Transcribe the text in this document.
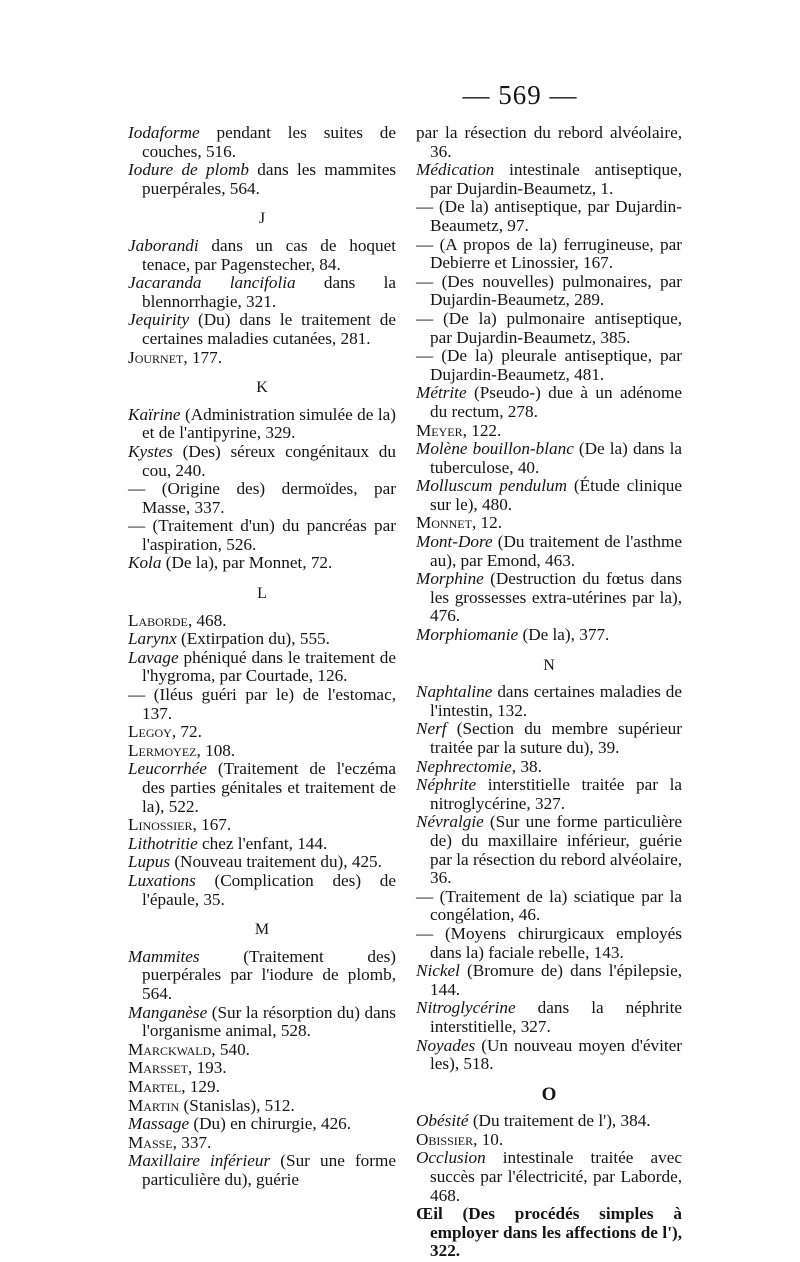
— 569 —

Iodaforme pendant les suites de couches, 516.

Iodure de plomb dans les mammites puerpérales, 564.

J

Jaborandi dans un cas de hoquet tenace, par Pagenstecher, 84.

Jacaranda lancifolia dans la blennorrhagie, 321.

Jequirity (Du) dans le traitement de certaines maladies cutanées, 281.

Journet, 177.

K

Kaïrine (Administration simulée de la) et de l'antipyrine, 329.

Kystes (Des) séreux congénitaux du cou, 240.

— (Origine des) dermoïdes, par Masse, 337.

— (Traitement d'un) du pancréas par l'aspiration, 526.

Kola (De la), par Monnet, 72.

L

Laborde, 468.

Larynx (Extirpation du), 555.

Lavage phéniqué dans le traitement de l'hygroma, par Courtade, 126.

— (Iléus guéri par le) de l'estomac, 137.

Legoy, 72.

Lermoyez, 108.

Leucorrhée (Traitement de l'eczéma des parties génitales et traitement de la), 522.

Linossier, 167.

Lithotritie chez l'enfant, 144.

Lupus (Nouveau traitement du), 425.

Luxations (Complication des) de l'épaule, 35.

M

Mammites (Traitement des) puerpérales par l'iodure de plomb, 564.

Manganèse (Sur la résorption du) dans l'organisme animal, 528.

Marckwald, 540.

Marsset, 193.

Martel, 129.

Martin (Stanislas), 512.

Massage (Du) en chirurgie, 426.

Masse, 337.

Maxillaire inférieur (Sur une forme particulière du), guérie

par la résection du rebord alvéolaire, 36.

Médication intestinale antiseptique, par Dujardin-Beaumetz, 1.

— (De la) antiseptique, par Dujardin-Beaumetz, 97.

— (A propos de la) ferrugineuse, par Debierre et Linossier, 167.

— (Des nouvelles) pulmonaires, par Dujardin-Beaumetz, 289.

— (De la) pulmonaire antiseptique, par Dujardin-Beaumetz, 385.

— (De la) pleurale antiseptique, par Dujardin-Beaumetz, 481.

Métrite (Pseudo-) due à un adénome du rectum, 278.

Meyer, 122.

Molène bouillon-blanc (De la) dans la tuberculose, 40.

Molluscum pendulum (Étude clinique sur le), 480.

Monnet, 12.

Mont-Dore (Du traitement de l'asthme au), par Emond, 463.

Morphine (Destruction du fœtus dans les grossesses extra-utérines par la), 476.

Morphiomanie (De la), 377.

N

Naphtaline dans certaines maladies de l'intestin, 132.

Nerf (Section du membre supérieur traitée par la suture du), 39.

Nephrectomie, 38.

Néphrite interstitielle traitée par la nitroglycérine, 327.

Névralgie (Sur une forme particulière de) du maxillaire inférieur, guérie par la résection du rebord alvéolaire, 36.

— (Traitement de la) sciatique par la congélation, 46.

— (Moyens chirurgicaux employés dans la) faciale rebelle, 143.

Nickel (Bromure de) dans l'épilepsie, 144.

Nitroglycérine dans la néphrite interstitielle, 327.

Noyades (Un nouveau moyen d'éviter les), 518.

O

Obésité (Du traitement de l'), 384.

Obissier, 10.

Occlusion intestinale traitée avec succès par l'électricité, par Laborde, 468.

Œil (Des procédés simples à employer dans les affections de l'), 322.
